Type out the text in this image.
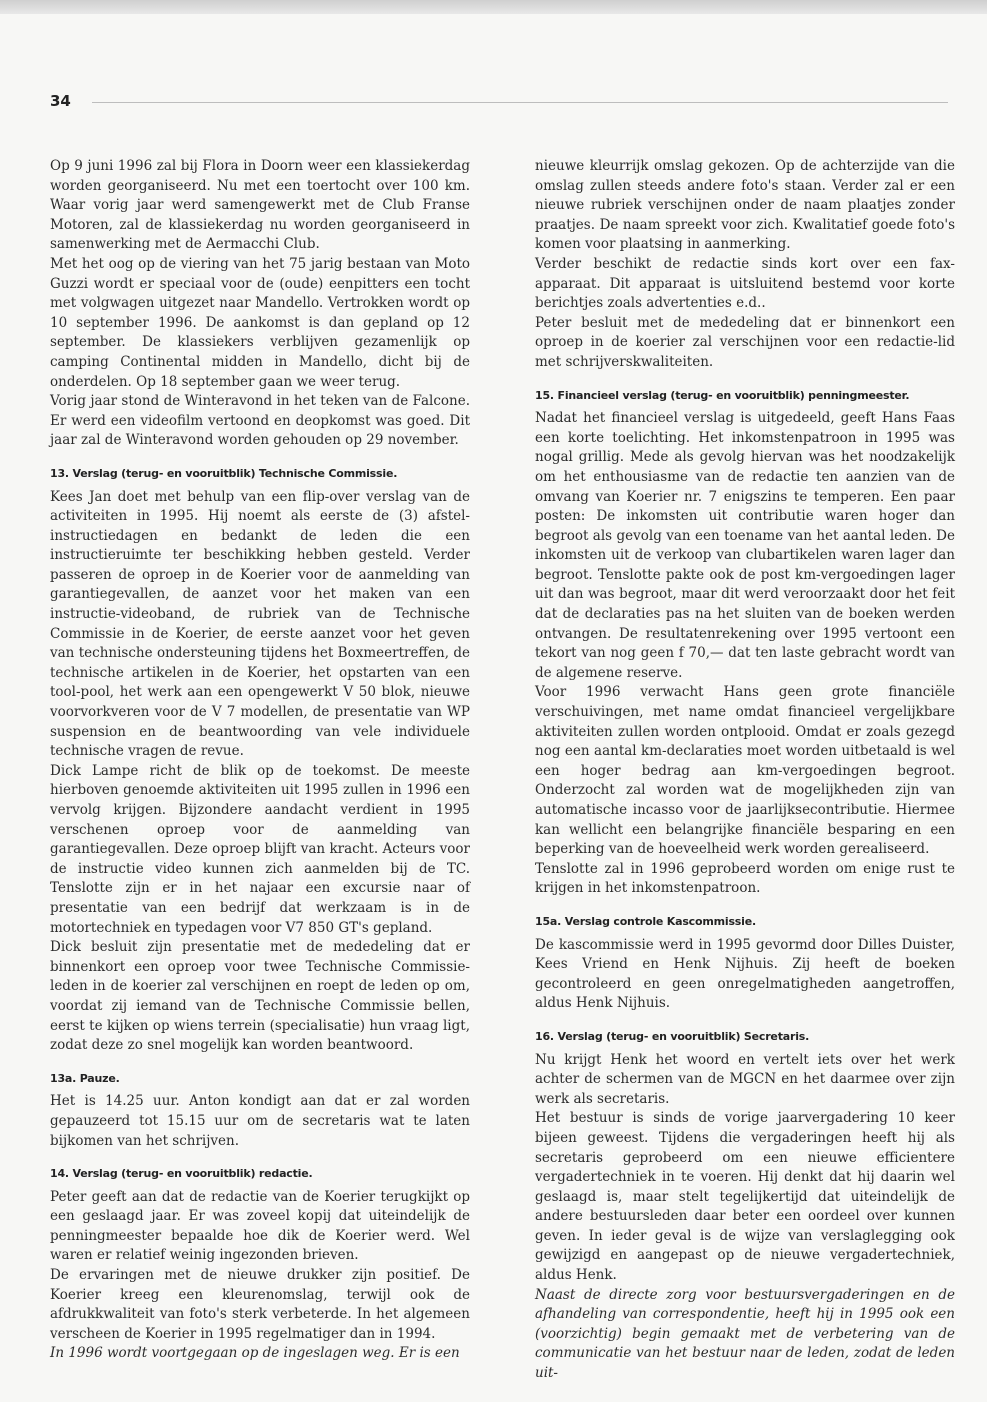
34

Op 9 juni 1996 zal bij Flora in Doorn weer een klassiekerdag worden georganiseerd. Nu met een toertocht over 100 km. Waar vorig jaar werd samengewerkt met de Club Franse Motoren, zal de klassiekerdag nu worden georganiseerd in samenwerking met de Aermacchi Club.

Met het oog op de viering van het 75 jarig bestaan van Moto Guzzi wordt er speciaal voor de (oude) eenpitters een tocht met volgwagen uitgezet naar Mandello. Vertrokken wordt op 10 september 1996. De aankomst is dan gepland op 12 september. De klassiekers verblijven gezamenlijk op camping Continental midden in Mandello, dicht bij de onderdelen. Op 18 september gaan we weer terug.

Vorig jaar stond de Winteravond in het teken van de Falcone. Er werd een videofilm vertoond en deopkomst was goed. Dit jaar zal de Winteravond worden gehouden op 29 november.

13. Verslag (terug- en vooruitblik) Technische Commissie.

Kees Jan doet met behulp van een flip-over verslag van de activiteiten in 1995. Hij noemt als eerste de (3) afstel-instructiedagen en bedankt de leden die een instructieruimte ter beschikking hebben gesteld. Verder passeren de oproep in de Koerier voor de aanmelding van garantiegevallen, de aanzet voor het maken van een instructie-videoband, de rubriek van de Technische Commissie in de Koerier, de eerste aanzet voor het geven van technische ondersteuning tijdens het Boxmeertreffen, de technische artikelen in de Koerier, het opstarten van een tool-pool, het werk aan een opengewerkt V 50 blok, nieuwe voorvorkveren voor de V 7 modellen, de presentatie van WP suspension en de beantwoording van vele individuele technische vragen de revue.

Dick Lampe richt de blik op de toekomst. De meeste hierboven genoemde aktiviteiten uit 1995 zullen in 1996 een vervolg krijgen. Bijzondere aandacht verdient in 1995 verschenen oproep voor de aanmelding van garantiegevallen. Deze oproep blijft van kracht. Acteurs voor de instructie video kunnen zich aanmelden bij de TC. Tenslotte zijn er in het najaar een excursie naar of presentatie van een bedrijf dat werkzaam is in de motortechniek en typedagen voor V7 850 GT's gepland.

Dick besluit zijn presentatie met de mededeling dat er binnenkort een oproep voor twee Technische Commissie-leden in de koerier zal verschijnen en roept de leden op om, voordat zij iemand van de Technische Commissie bellen, eerst te kijken op wiens terrein (specialisatie) hun vraag ligt, zodat deze zo snel mogelijk kan worden beantwoord.

13a. Pauze.

Het is 14.25 uur. Anton kondigt aan dat er zal worden gepauzeerd tot 15.15 uur om de secretaris wat te laten bijkomen van het schrijven.

14. Verslag (terug- en vooruitblik) redactie.

Peter geeft aan dat de redactie van de Koerier terugkijkt op een geslaagd jaar. Er was zoveel kopij dat uiteindelijk de penningmeester bepaalde hoe dik de Koerier werd. Wel waren er relatief weinig ingezonden brieven.

De ervaringen met de nieuwe drukker zijn positief. De Koerier kreeg een kleurenomslag, terwijl ook de afdrukkwaliteit van foto's sterk verbeterde. In het algemeen verscheen de Koerier in 1995 regelmatiger dan in 1994.

In 1996 wordt voortgegaan op de ingeslagen weg. Er is een

nieuwe kleurrijk omslag gekozen. Op de achterzijde van die omslag zullen steeds andere foto's staan. Verder zal er een nieuwe rubriek verschijnen onder de naam plaatjes zonder praatjes. De naam spreekt voor zich. Kwalitatief goede foto's komen voor plaatsing in aanmerking.

Verder beschikt de redactie sinds kort over een fax-apparaat. Dit apparaat is uitsluitend bestemd voor korte berichtjes zoals advertenties e.d..

Peter besluit met de mededeling dat er binnenkort een oproep in de koerier zal verschijnen voor een redactie-lid met schrijverskwaliteiten.

15. Financieel verslag (terug- en vooruitblik) penningmeester.

Nadat het financieel verslag is uitgedeeld, geeft Hans Faas een korte toelichting. Het inkomstenpatroon in 1995 was nogal grillig. Mede als gevolg hiervan was het noodzakelijk om het enthousiasme van de redactie ten aanzien van de omvang van Koerier nr. 7 enigszins te temperen. Een paar posten: De inkomsten uit contributie waren hoger dan begroot als gevolg van een toename van het aantal leden. De inkomsten uit de verkoop van clubartikelen waren lager dan begroot. Tenslotte pakte ook de post km-vergoedingen lager uit dan was begroot, maar dit werd veroorzaakt door het feit dat de declaraties pas na het sluiten van de boeken werden ontvangen. De resultatenrekening over 1995 vertoont een tekort van nog geen f 70,— dat ten laste gebracht wordt van de algemene reserve.

Voor 1996 verwacht Hans geen grote financiële verschuivingen, met name omdat financieel vergelijkbare aktiviteiten zullen worden ontplooid. Omdat er zoals gezegd nog een aantal km-declaraties moet worden uitbetaald is wel een hoger bedrag aan km-vergoedingen begroot. Onderzocht zal worden wat de mogelijkheden zijn van automatische incasso voor de jaarlijksecontributie. Hiermee kan wellicht een belangrijke financiële besparing en een beperking van de hoeveelheid werk worden gerealiseerd.

Tenslotte zal in 1996 geprobeerd worden om enige rust te krijgen in het inkomstenpatroon.

15a. Verslag controle Kascommissie.

De kascommissie werd in 1995 gevormd door Dilles Duister, Kees Vriend en Henk Nijhuis. Zij heeft de boeken gecontroleerd en geen onregelmatigheden aangetroffen, aldus Henk Nijhuis.

16. Verslag (terug- en vooruitblik) Secretaris.

Nu krijgt Henk het woord en vertelt iets over het werk achter de schermen van de MGCN en het daarmee over zijn werk als secretaris.

Het bestuur is sinds de vorige jaarvergadering 10 keer bijeen geweest. Tijdens die vergaderingen heeft hij als secretaris geprobeerd om een nieuwe efficientere vergadertechniek in te voeren. Hij denkt dat hij daarin wel geslaagd is, maar stelt tegelijkertijd dat uiteindelijk de andere bestuursleden daar beter een oordeel over kunnen geven. In ieder geval is de wijze van verslaglegging ook gewijzigd en aangepast op de nieuwe vergadertechniek, aldus Henk.

Naast de directe zorg voor bestuursvergaderingen en de afhandeling van correspondentie, heeft hij in 1995 ook een (voorzichtig) begin gemaakt met de verbetering van de communicatie van het bestuur naar de leden, zodat de leden uit-
